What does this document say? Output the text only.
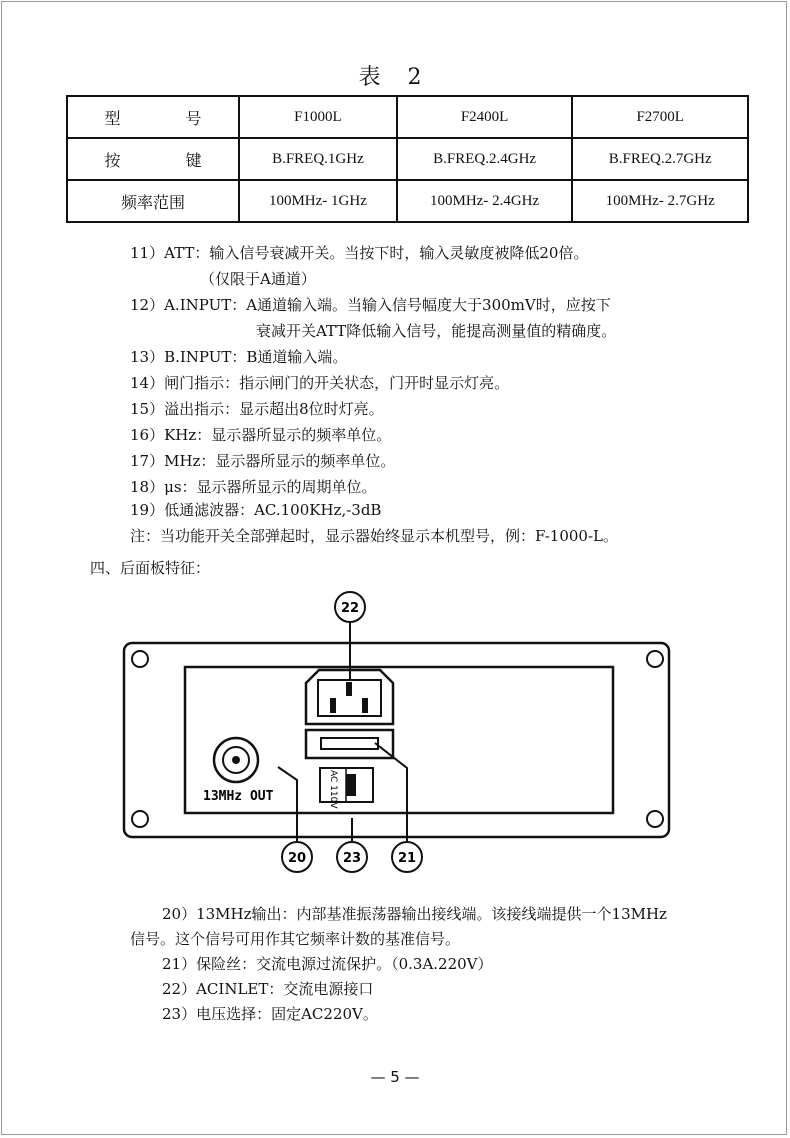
表 2
型 号	F1000L	F2400L	F2700L
按 键	B.FREQ.1GHz	B.FREQ.2.4GHz	B.FREQ.2.7GHz
频率范围	100MHz- 1GHz	100MHz- 2.4GHz	100MHz- 2.7GHz
11）ATT：输入信号衰减开关。当按下时，输入灵敏度被降低20倍。
（仅限于A通道）
12）A.INPUT：A通道输入端。当输入信号幅度大于300mV时，应按下
衰减开关ATT降低输入信号，能提高测量值的精确度。
13）B.INPUT：B通道输入端。
14）闸门指示：指示闸门的开关状态，门开时显示灯亮。
15）溢出指示：显示超出8位时灯亮。
16）KHz：显示器所显示的频率单位。
17）MHz：显示器所显示的频率单位。
18）μs：显示器所显示的周期单位。
19）低通滤波器：AC.100KHz,-3dB
注：当功能开关全部弹起时，显示器始终显示本机型号，例：F-1000-L。
四、后面板特征：
13MHz OUT	AC 110V
22
20	23	21
20）13MHz输出：内部基准振荡器输出接线端。该接线端提供一个13MHz
信号。这个信号可用作其它频率计数的基准信号。
21）保险丝：交流电源过流保护。（0.3A.220V）
22）ACINLET：交流电源接口
23）电压选择：固定AC220V。
— 5 —
